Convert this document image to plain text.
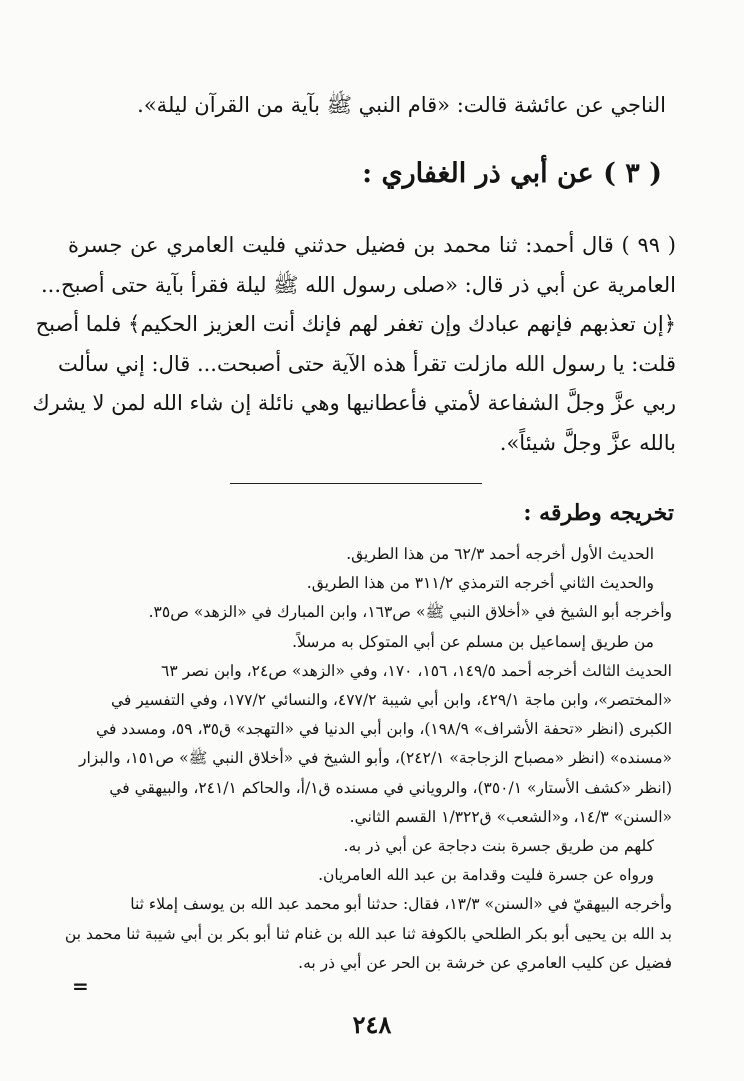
الناجي عن عائشة قالت: «قام النبي ﷺ بآية من القرآن ليلة».
( ٣ ) عن أبي ذر الغفاري :
( ٩٩ ) قال أحمد: ثنا محمد بن فضيل حدثني فليت العامري عن جسرة
العامرية عن أبي ذر قال: «صلى رسول الله ﷺ ليلة فقرأ بآية حتى أصبح...
﴿إن تعذبهم فإنهم عبادك وإن تغفر لهم فإنك أنت العزيز الحكيم﴾ فلما أصبح
قلت: يا رسول الله مازلت تقرأ هذه الآية حتى أصبحت... قال: إني سألت
ربي عزَّ وجلَّ الشفاعة لأمتي فأعطانيها وهي نائلة إن شاء الله لمن لا يشرك
بالله عزَّ وجلَّ شيئاً».
تخريجه وطرقه :
الحديث الأول أخرجه أحمد ٦٢/٣ من هذا الطريق.
والحديث الثاني أخرجه الترمذي ٣١١/٢ من هذا الطريق.
وأخرجه أبو الشيخ في «أخلاق النبي ﷺ» ص١٦٣، وابن المبارك في «الزهد» ص٣٥.
من طريق إسماعيل بن مسلم عن أبي المتوكل به مرسلاً.
الحديث الثالث أخرجه أحمد ١٤٩/٥، ١٥٦، ١٧٠، وفي «الزهد» ص٢٤، وابن نصر ٦٣
«المختصر»، وابن ماجة ٤٢٩/١، وابن أبي شيبة ٤٧٧/٢، والنسائي ١٧٧/٢، وفي التفسير في
الكبرى (انظر «تحفة الأشراف» ١٩٨/٩)، وابن أبي الدنيا في «التهجد» ق٣٥، ٥٩، ومسدد في
«مسنده» (انظر «مصباح الزجاجة» ٢٤٢/١)، وأبو الشيخ في «أخلاق النبي ﷺ» ص١٥١، والبزار
(انظر «كشف الأستار» ٣٥٠/١)، والروياني في مسنده ق١/أ، والحاكم ٢٤١/١، والبيهقي في
«السنن» ١٤/٣، و«الشعب» ق١/٣٢٢ القسم الثاني.
كلهم من طريق جسرة بنت دجاجة عن أبي ذر به.
ورواه عن جسرة فليت وقدامة بن عبد الله العامريان.
وأخرجه البيهقيّ في «السنن» ١٣/٣، فقال: حدثنا أبو محمد عبد الله بن يوسف إملاء ثنا
بد الله بن يحيى أبو بكر الطلحي بالكوفة ثنا عبد الله بن غنام ثنا أبو بكر بن أبي شيبة ثنا محمد بن
فضيل عن كليب العامري عن خرشة بن الحر عن أبي ذر به.
=
٢٤٨
